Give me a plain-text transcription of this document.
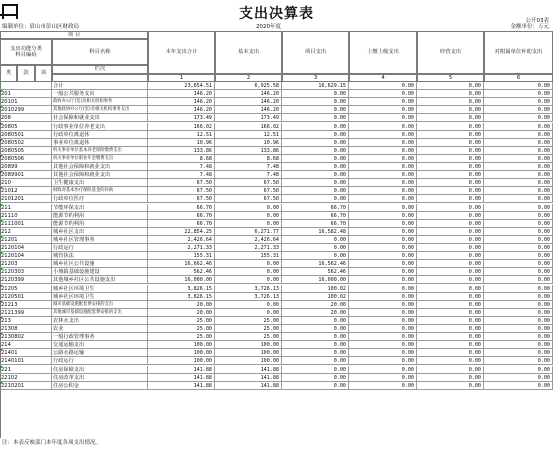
支出决算表
编制单位：眉山市彭山区财政局	2020年度
公开03表
金额单位：万元
项 目
支出功能分类
科目编码
科目名称
类	款	项
栏次
本年支出合计	基本支出	项目支出	上缴上级支出	经营支出	对附属单位补助支出
1	2	3	4	5	6
合计	23,654.51	6,925.58	16,629.15	0.00	0.00	0.00
201	一般公共服务支出	146.20	146.20	0.00	0.00	0.00	0.00
20101	政协办公厅(室)及相关机构事务	146.20	146.20	0.00	0.00	0.00	0.00
2010299	其他政协办公厅(室)及相关机构事务支出	146.20	146.20	0.00	0.00	0.00	0.00
208	社会保障和就业支出	173.49	173.49	0.00	0.00	0.00	0.00
20805	行政事业单位养老支出	166.02	166.02	0.00	0.00	0.00	0.00
2080501	行政单位离退休	12.51	12.51	0.00	0.00	0.00	0.00
2080502	事业单位离退休	10.96	10.96	0.00	0.00	0.00	0.00
2080505	机关事业单位基本养老保险缴费支出	133.86	133.86	0.00	0.00	0.00	0.00
2080506	机关事业单位职业年金缴费支出	8.68	8.68	0.00	0.00	0.00	0.00
20899	其他社会保障和就业支出	7.48	7.48	0.00	0.00	0.00	0.00
2089901	其他社会保障和就业支出	7.48	7.48	0.00	0.00	0.00	0.00
210	卫生健康支出	67.50	67.50	0.00	0.00	0.00	0.00
21012	财政对基本医疗保险基金的补助	67.50	67.50	0.00	0.00	0.00	0.00
2101201	行政单位医疗	67.50	67.50	0.00	0.00	0.00	0.00
211	节能环保支出	66.70	0.00	66.70	0.00	0.00	0.00
21110	能源节约利用	66.70	0.00	66.70	0.00	0.00	0.00
2111001	能源节约利用	66.70	0.00	66.70	0.00	0.00	0.00
212	城乡社区支出	22,854.25	6,271.77	16,582.48	0.00	0.00	0.00
21201	城乡社区管理事务	2,426.64	2,426.64	0.00	0.00	0.00	0.00
2120104	行政运行	2,271.33	2,271.33	0.00	0.00	0.00	0.00
2120104	城管执法	155.31	155.31	0.00	0.00	0.00	0.00
21203	城乡社区公共设施	16,662.46	0.00	16,562.46	0.00	0.00	0.00
2120303	小城镇基础设施建设	562.46	0.00	562.46	0.00	0.00	0.00
2120399	其他城乡社区公共设施支出	16,000.00	0.00	16,000.00	0.00	0.00	0.00
21205	城乡社区环境卫生	3,826.15	3,726.13	100.02	0.00	0.00	0.00
2120501	城乡社区环境卫生	3,826.15	3,726.13	100.02	0.00	0.00	0.00
21213	城市基础设施配套费安排的支出	20.00	0.00	20.00	0.00	0.00	0.00
2121399	其他城市基础设施配套费安排的支出	20.00	0.00	20.00	0.00	0.00	0.00
213	农林水支出	25.00	25.00	0.00	0.00	0.00	0.00
21308	农业	25.00	25.00	0.00	0.00	0.00	0.00
2130802	一般行政管理事务	25.00	25.00	0.00	0.00	0.00	0.00
214	交通运输支出	100.00	100.00	0.00	0.00	0.00	0.00
21401	公路水路运输	100.00	100.00	0.00	0.00	0.00	0.00
2140101	行政运行	100.00	100.00	0.00	0.00	0.00	0.00
221	住房保障支出	141.88	141.88	0.00	0.00	0.00	0.00
22102	住房改革支出	141.88	141.88	0.00	0.00	0.00	0.00
2210201	住房公积金	141.88	141.88	0.00	0.00	0.00	0.00
注：本表反映部门本年度各项支出情况。
